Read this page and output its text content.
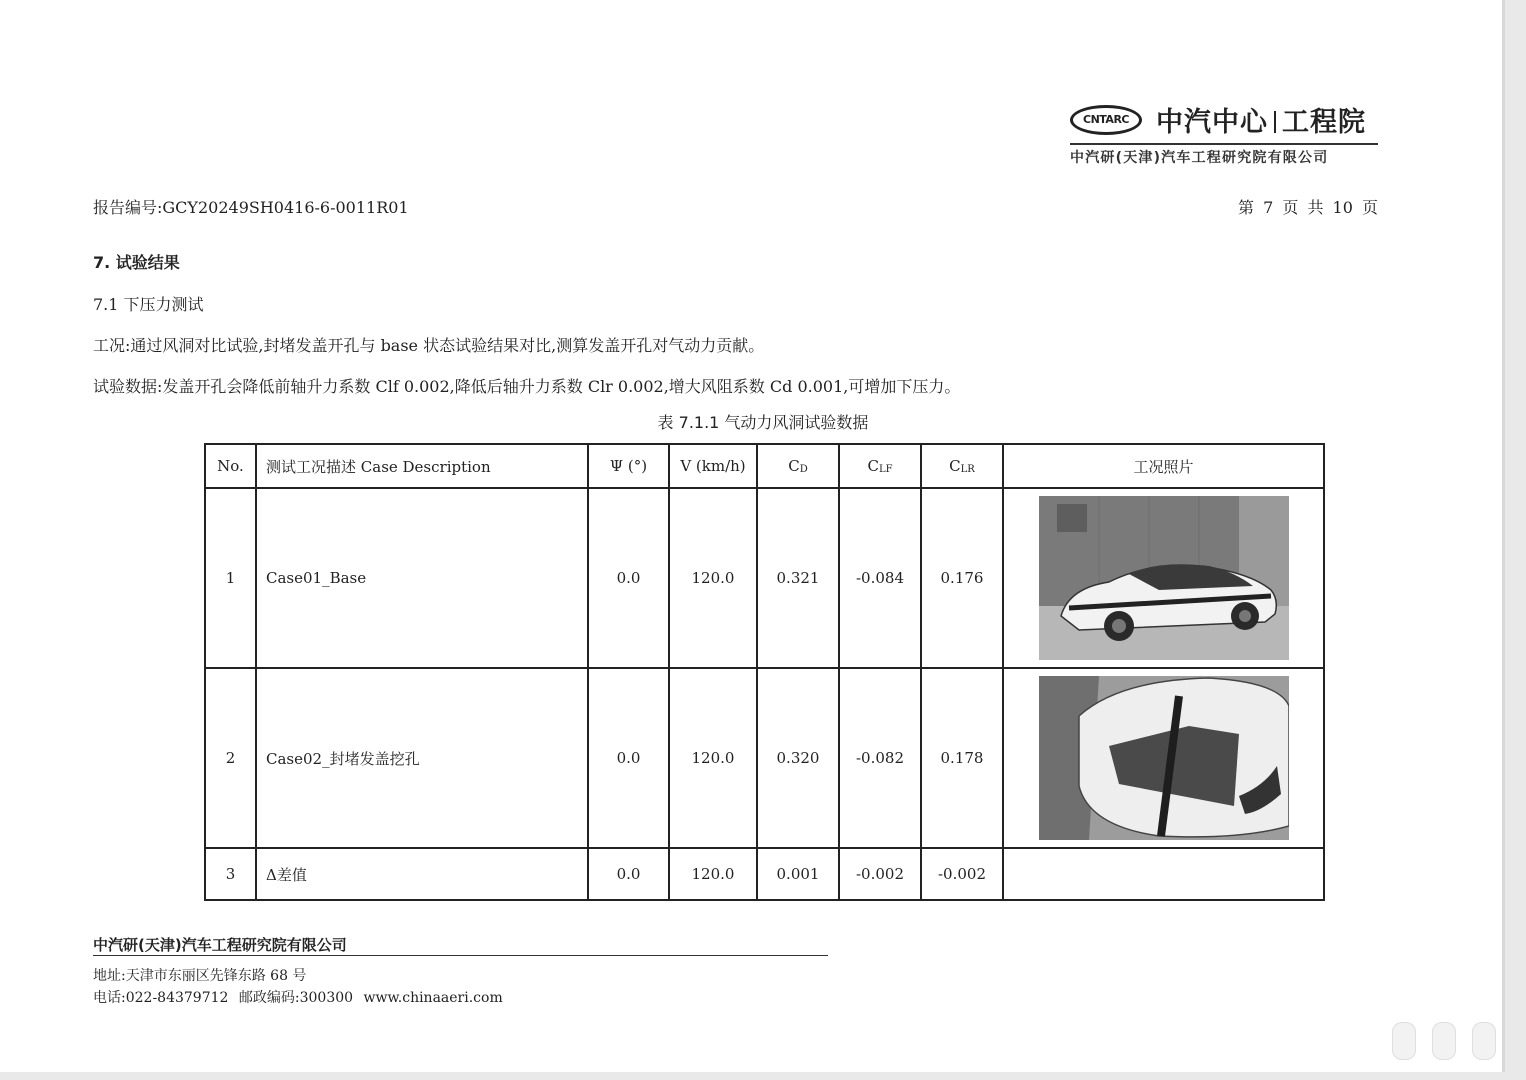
CNTARC	中汽中心 工程院
中汽研(天津)汽车工程研究院有限公司
报告编号:GCY20249SH0416-6-0011R01	第 7 页 共 10 页
7. 试验结果
7.1 下压力测试
工况:通过风洞对比试验,封堵发盖开孔与 base 状态试验结果对比,测算发盖开孔对气动力贡献。
试验数据:发盖开孔会降低前轴升力系数 Clf 0.002,降低后轴升力系数 Clr 0.002,增大风阻系数 Cd 0.001,可增加下压力。
表 7.1.1 气动力风洞试验数据
No.	测试工况描述 Case Description	Ψ (°)	V (km/h)	$C_D$	$C_{LF}$	$C_{LR}$	工况照片
1	Case01_Base	0.0	120.0	0.321	-0.084	0.176	

2	Case02_封堵发盖挖孔	0.0	120.0	0.320	-0.082	0.178	

3	Δ差值	0.0	120.0	0.001	-0.002	-0.002	
中汽研(天津)汽车工程研究院有限公司
地址:天津市东丽区先锋东路 68 号
电话:022-84379712 邮政编码:300300 www.chinaaeri.com
